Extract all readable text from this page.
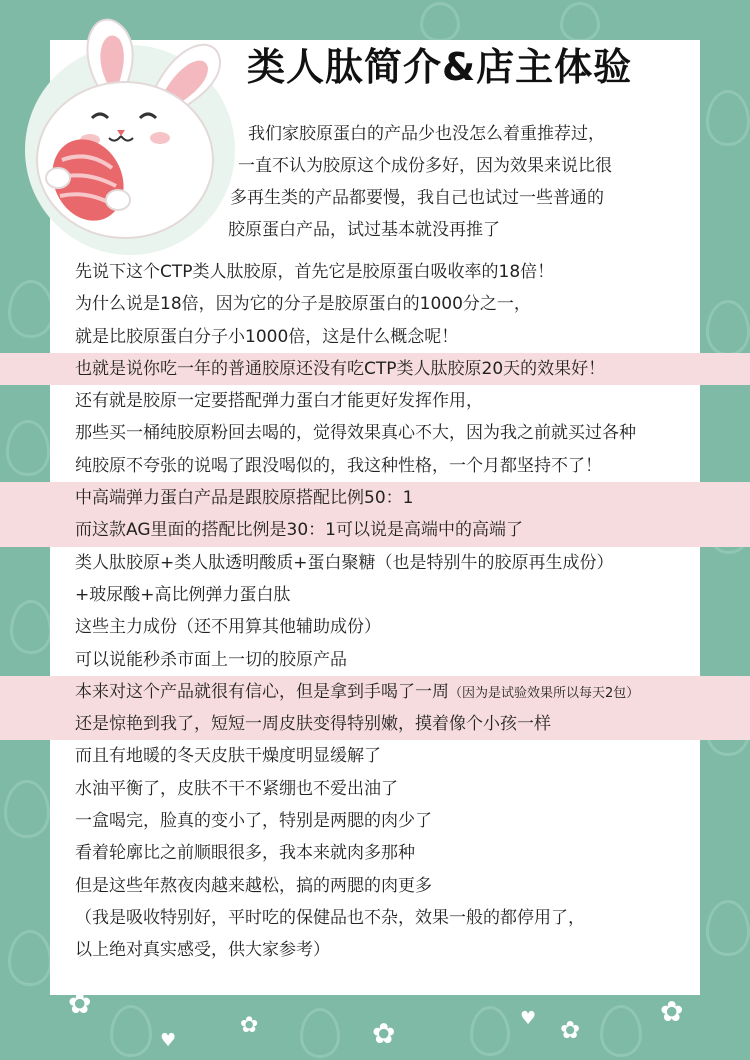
类人肽简介&店主体验
我们家胶原蛋白的产品少也没怎么着重推荐过，
一直不认为胶原这个成份多好，因为效果来说比很
多再生类的产品都要慢，我自己也试过一些普通的
胶原蛋白产品，试过基本就没再推了
先说下这个CTP类人肽胶原，首先它是胶原蛋白吸收率的18倍！
为什么说是18倍，因为它的分子是胶原蛋白的1000分之一，
就是比胶原蛋白分子小1000倍，这是什么概念呢！
也就是说你吃一年的普通胶原还没有吃CTP类人肽胶原20天的效果好！
还有就是胶原一定要搭配弹力蛋白才能更好发挥作用，
那些买一桶纯胶原粉回去喝的，觉得效果真心不大，因为我之前就买过各种
纯胶原不夸张的说喝了跟没喝似的，我这种性格，一个月都坚持不了！
中高端弹力蛋白产品是跟胶原搭配比例50：1
而这款AG里面的搭配比例是30：1可以说是高端中的高端了
类人肽胶原+类人肽透明酸质+蛋白聚糖（也是特别牛的胶原再生成份）
+玻尿酸+高比例弹力蛋白肽
这些主力成份（还不用算其他辅助成份）
可以说能秒杀市面上一切的胶原产品
本来对这个产品就很有信心，但是拿到手喝了一周（因为是试验效果所以每天2包）
还是惊艳到我了，短短一周皮肤变得特别嫩，摸着像个小孩一样
而且有地暖的冬天皮肤干燥度明显缓解了
水油平衡了，皮肤不干不紧绷也不爱出油了
一盒喝完，脸真的变小了，特别是两腮的肉少了
看着轮廓比之前顺眼很多，我本来就肉多那种
但是这些年熬夜肉越来越松，搞的两腮的肉更多
（我是吸收特别好，平时吃的保健品也不杂，效果一般的都停用了，
以上绝对真实感受，供大家参考）
✿
✿	✿	✿
✿
♥
♥
